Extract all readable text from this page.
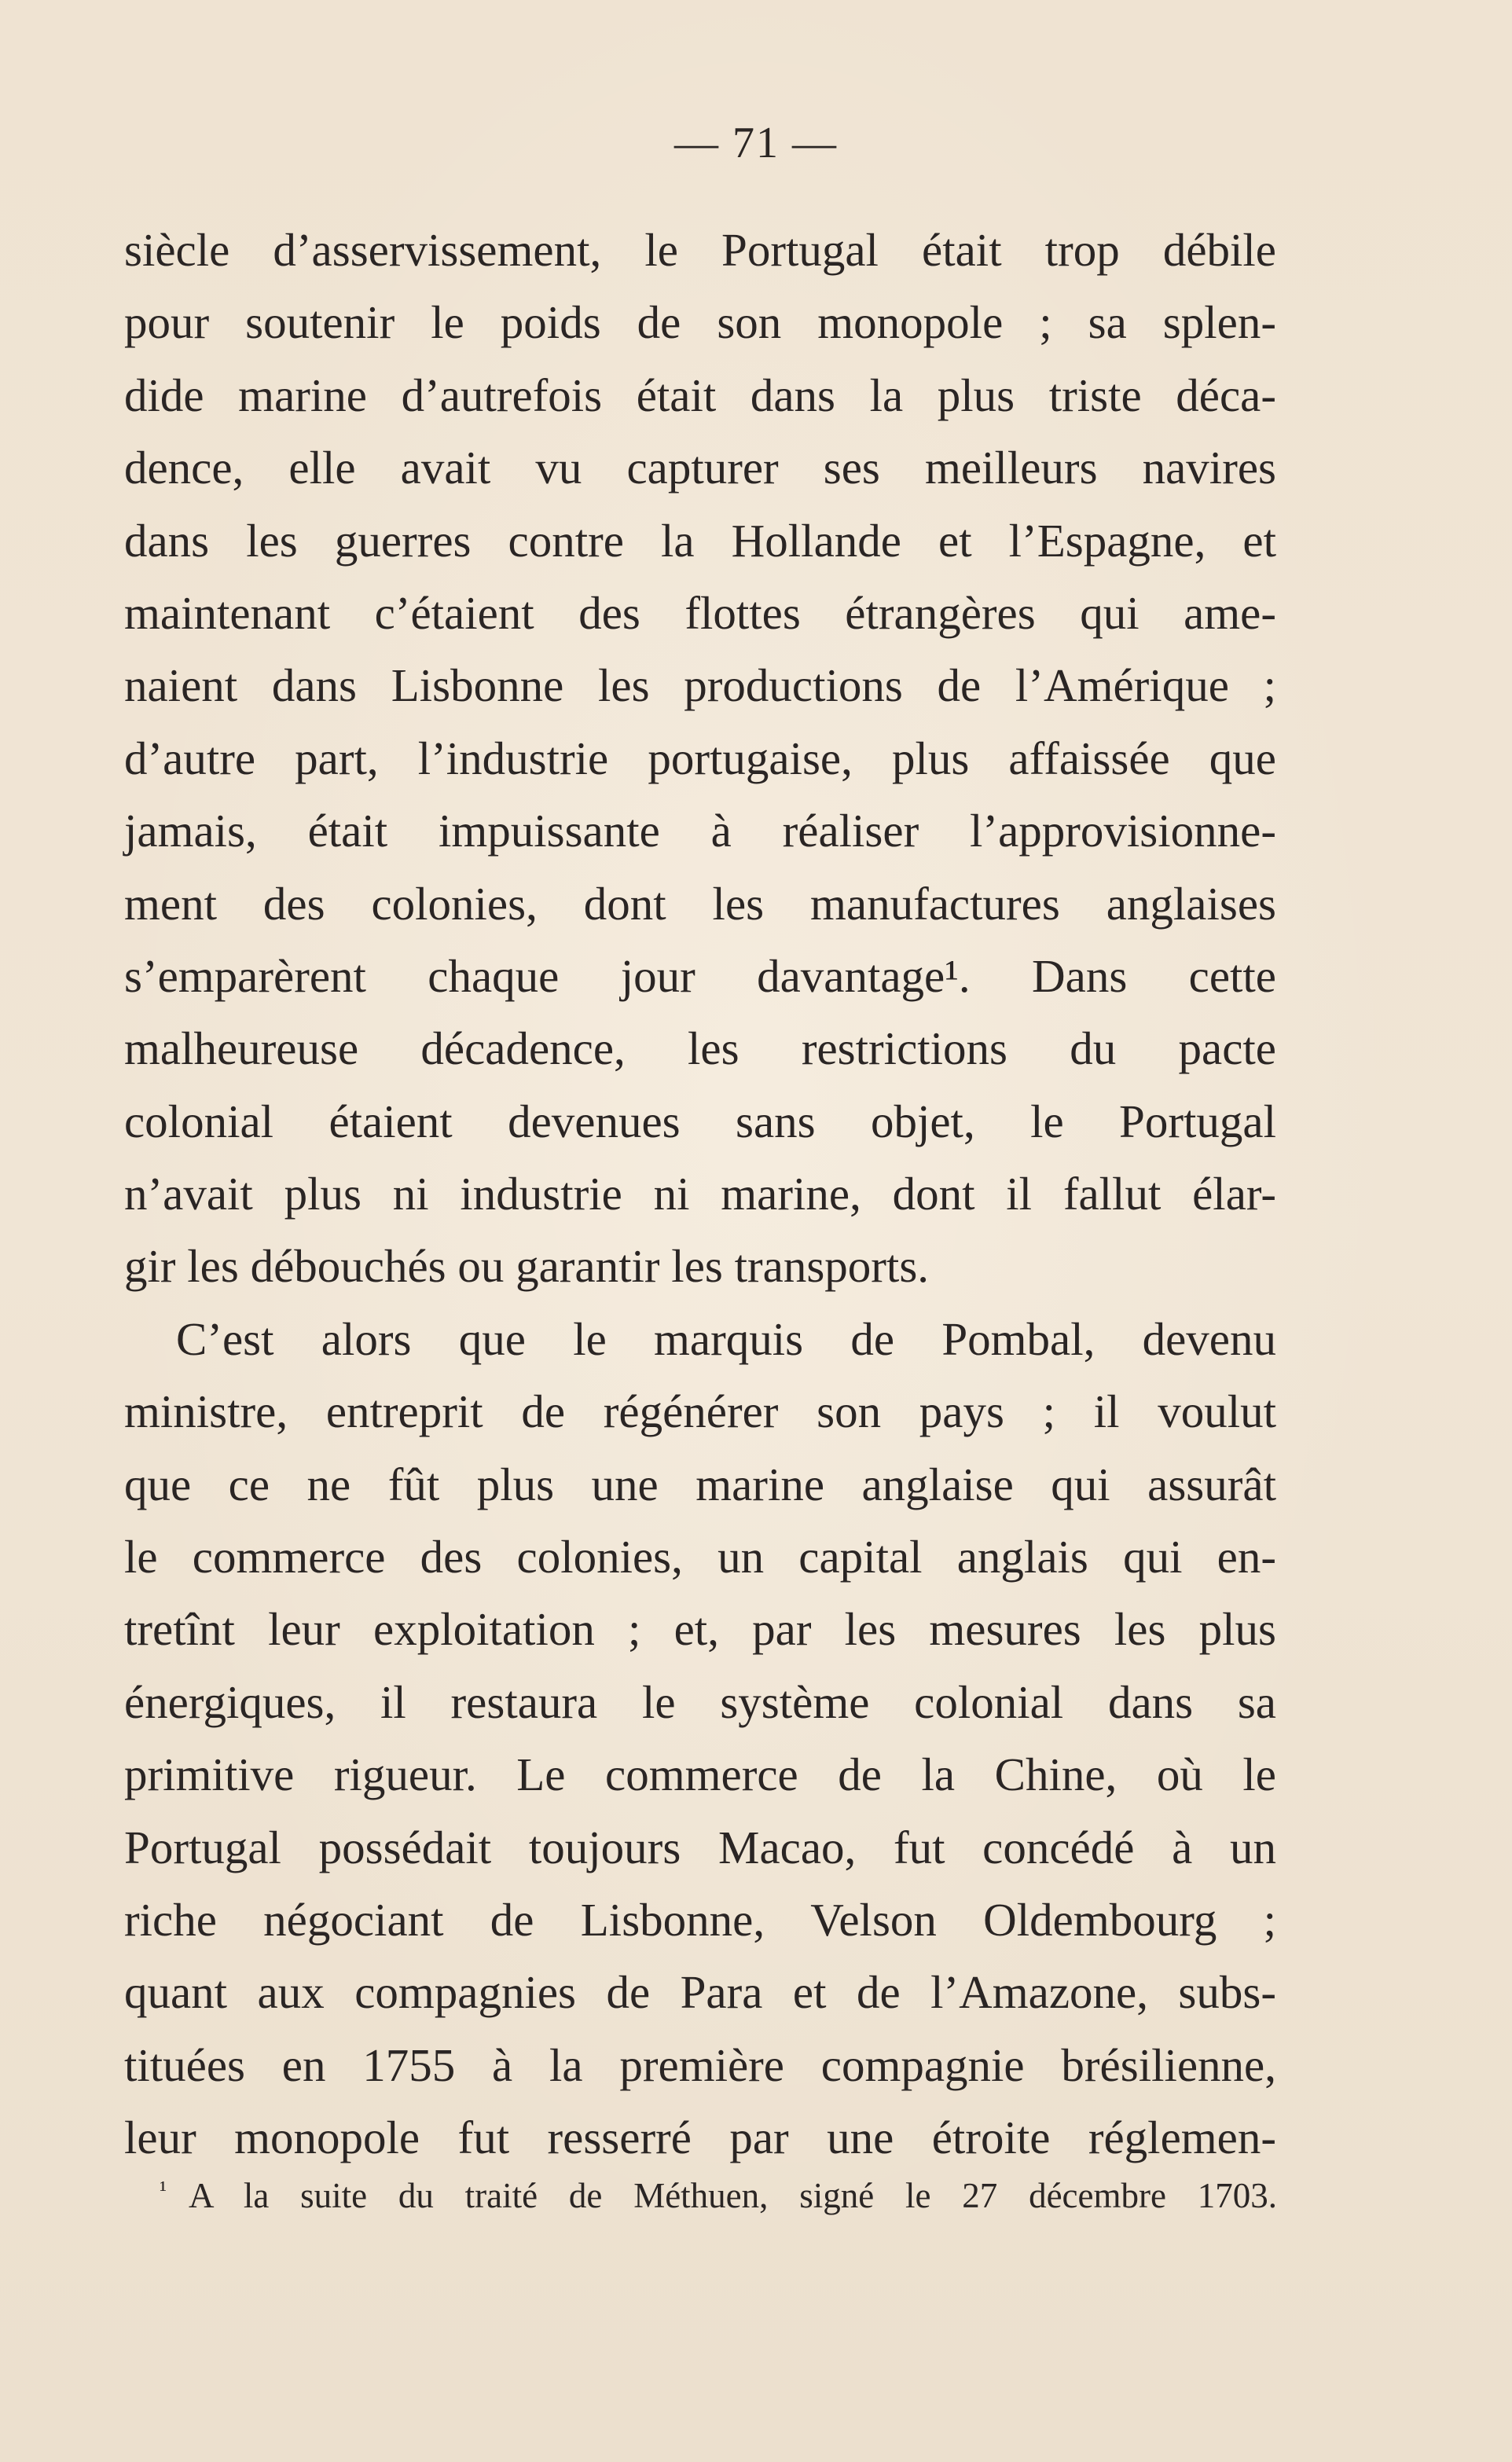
— 71 —
siècle d’asservissement, le Portugal était trop débile
pour soutenir le poids de son monopole ; sa splen-
dide marine d’autrefois était dans la plus triste déca-
dence, elle avait vu capturer ses meilleurs navires
dans les guerres contre la Hollande et l’Espagne, et
maintenant c’étaient des flottes étrangères qui ame-
naient dans Lisbonne les productions de l’Amérique ;
d’autre part, l’industrie portugaise, plus affaissée que
jamais, était impuissante à réaliser l’approvisionne-
ment des colonies, dont les manufactures anglaises
s’emparèrent chaque jour davantage¹. Dans cette
malheureuse décadence, les restrictions du pacte
colonial étaient devenues sans objet, le Portugal
n’avait plus ni industrie ni marine, dont il fallut élar-
gir les débouchés ou garantir les transports.
C’est alors que le marquis de Pombal, devenu
ministre, entreprit de régénérer son pays ; il voulut
que ce ne fût plus une marine anglaise qui assurât
le commerce des colonies, un capital anglais qui en-
tretînt leur exploitation ; et, par les mesures les plus
énergiques, il restaura le système colonial dans sa
primitive rigueur. Le commerce de la Chine, où le
Portugal possédait toujours Macao, fut concédé à un
riche négociant de Lisbonne, Velson Oldembourg ;
quant aux compagnies de Para et de l’Amazone, subs-
tituées en 1755 à la première compagnie brésilienne,
leur monopole fut resserré par une étroite réglemen-
¹ A la suite du traité de Méthuen, signé le 27 décembre 1703.
